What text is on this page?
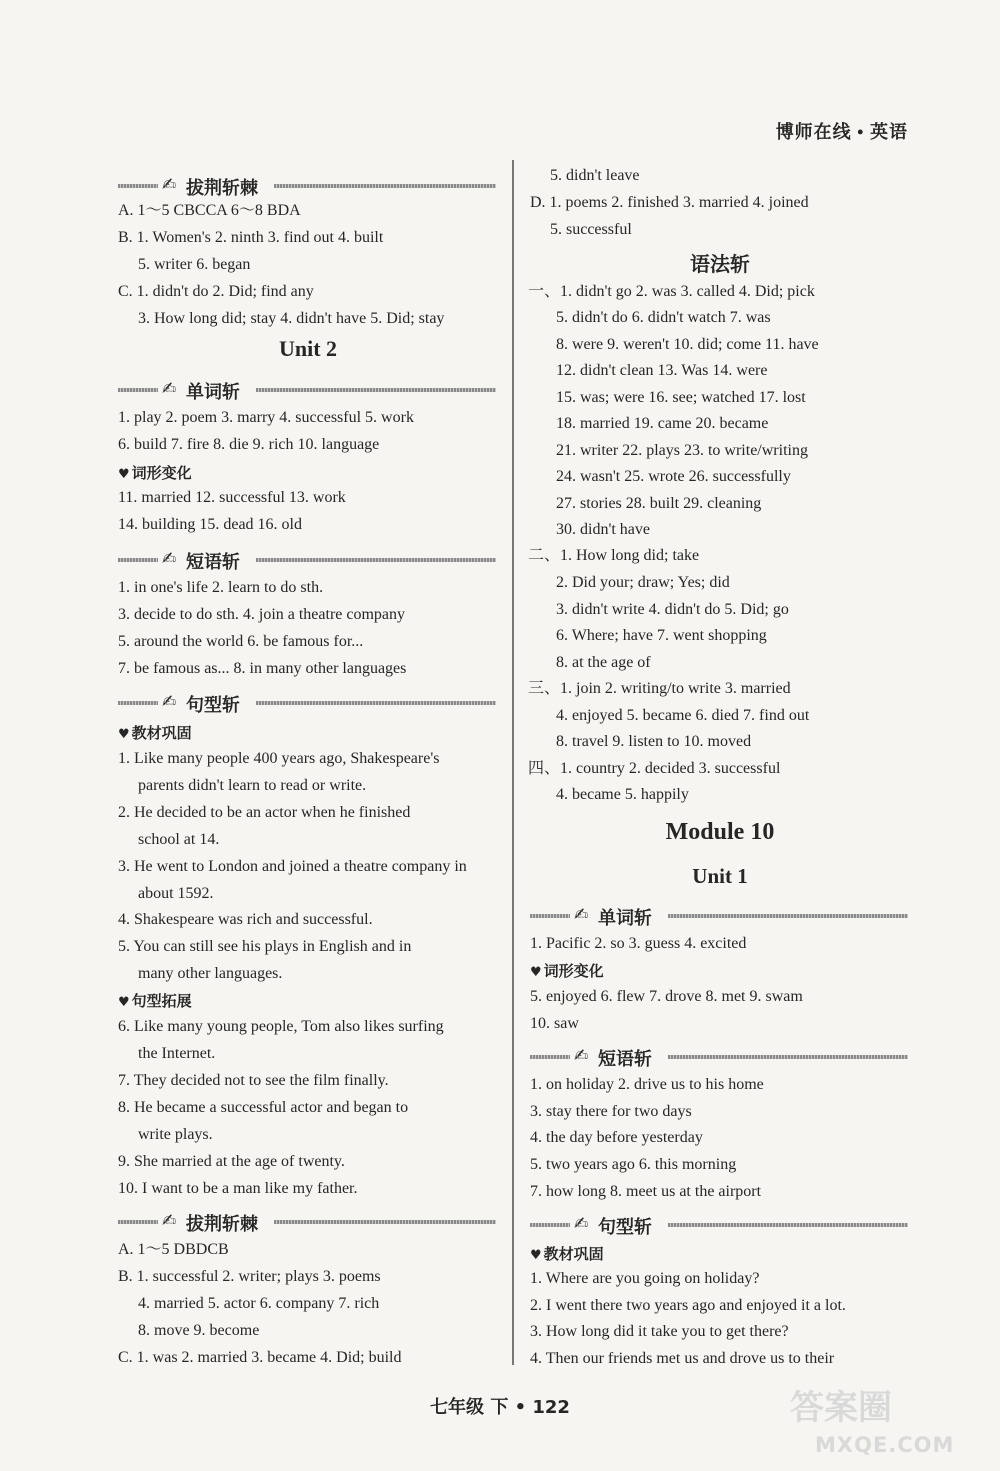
博师在线 • 英语
✍ 拔荆斩棘
A. 1～5 CBCCA 6～8 BDA
B. 1. Women's 2. ninth 3. find out 4. built
5. writer 6. began
C. 1. didn't do 2. Did; find any
3. How long did; stay 4. didn't have 5. Did; stay
Unit 2
✍ 单词斩
1. play 2. poem 3. marry 4. successful 5. work
6. build 7. fire 8. die 9. rich 10. language
♥ 词形变化
11. married 12. successful 13. work
14. building 15. dead 16. old
✍ 短语斩
1. in one's life 2. learn to do sth.
3. decide to do sth. 4. join a theatre company
5. around the world 6. be famous for...
7. be famous as... 8. in many other languages
✍ 句型斩
♥ 教材巩固
1. Like many people 400 years ago, Shakespeare's
parents didn't learn to read or write.
2. He decided to be an actor when he finished
school at 14.
3. He went to London and joined a theatre company in
about 1592.
4. Shakespeare was rich and successful.
5. You can still see his plays in English and in
many other languages.
♥ 句型拓展
6. Like many young people, Tom also likes surfing
the Internet.
7. They decided not to see the film finally.
8. He became a successful actor and began to
write plays.
9. She married at the age of twenty.
10. I want to be a man like my father.
✍ 拔荆斩棘
A. 1～5 DBDCB
B. 1. successful 2. writer; plays 3. poems
4. married 5. actor 6. company 7. rich
8. move 9. become
C. 1. was 2. married 3. became 4. Did; build
5. didn't leave
D. 1. poems 2. finished 3. married 4. joined
5. successful
语法斩
一、1. didn't go 2. was 3. called 4. Did; pick
5. didn't do 6. didn't watch 7. was
8. were 9. weren't 10. did; come 11. have
12. didn't clean 13. Was 14. were
15. was; were 16. see; watched 17. lost
18. married 19. came 20. became
21. writer 22. plays 23. to write/writing
24. wasn't 25. wrote 26. successfully
27. stories 28. built 29. cleaning
30. didn't have
二、1. How long did; take
2. Did your; draw; Yes; did
3. didn't write 4. didn't do 5. Did; go
6. Where; have 7. went shopping
8. at the age of
三、1. join 2. writing/to write 3. married
4. enjoyed 5. became 6. died 7. find out
8. travel 9. listen to 10. moved
四、1. country 2. decided 3. successful
4. became 5. happily
Module 10
Unit 1
✍ 单词斩
1. Pacific 2. so 3. guess 4. excited
♥ 词形变化
5. enjoyed 6. flew 7. drove 8. met 9. swam
10. saw
✍ 短语斩
1. on holiday 2. drive us to his home
3. stay there for two days
4. the day before yesterday
5. two years ago 6. this morning
7. how long 8. meet us at the airport
✍ 句型斩
♥ 教材巩固
1. Where are you going on holiday?
2. I went there two years ago and enjoyed it a lot.
3. How long did it take you to get there?
4. Then our friends met us and drove us to their
七年级 下 • 122	答案圈
MXQE.COM
